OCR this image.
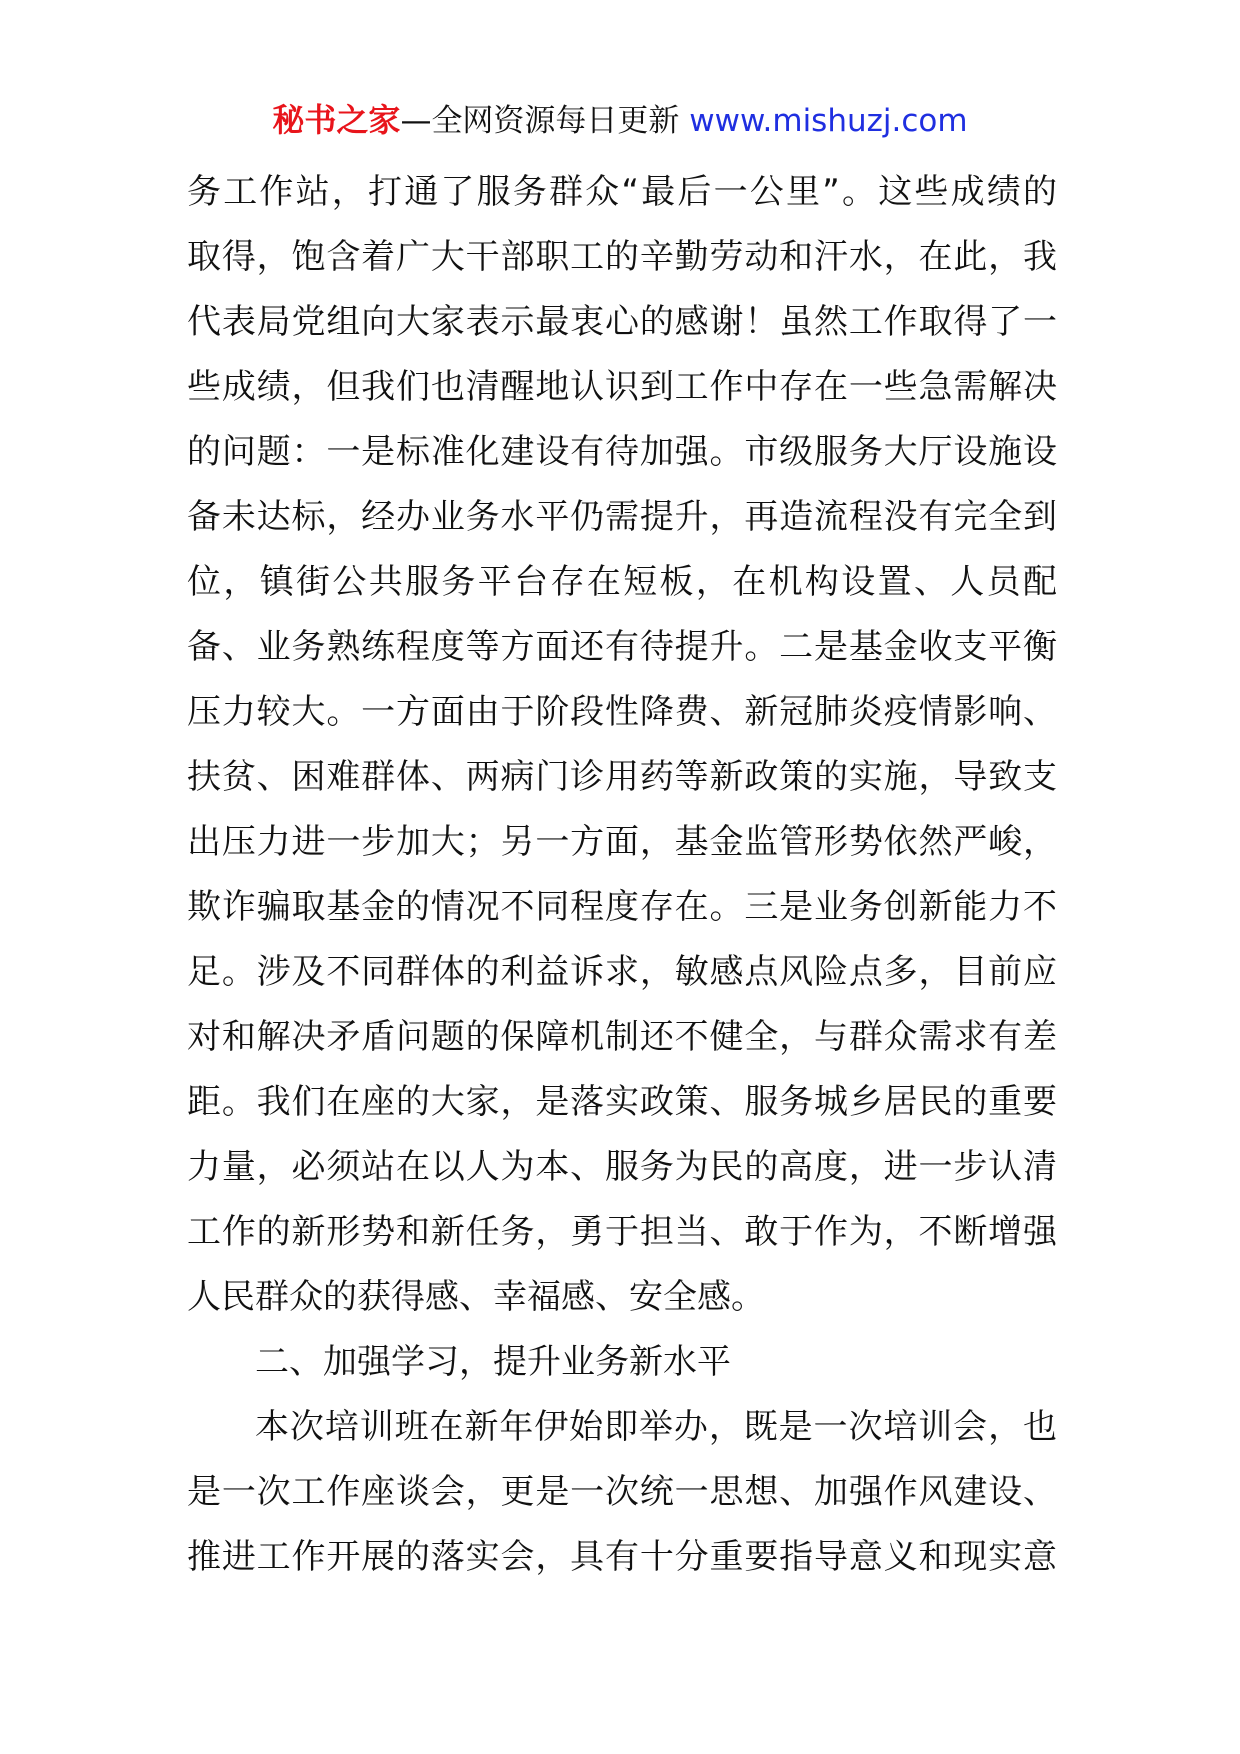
秘书之家—全网资源每日更新 www.mishuzj.com
务工作站，打通了服务群众“最后一公里”。这些成绩的
取得，饱含着广大干部职工的辛勤劳动和汗水，在此，我
代表局党组向大家表示最衷心的感谢！虽然工作取得了一
些成绩，但我们也清醒地认识到工作中存在一些急需解决
的问题：一是标准化建设有待加强。市级服务大厅设施设
备未达标，经办业务水平仍需提升，再造流程没有完全到
位，镇街公共服务平台存在短板，在机构设置、人员配
备、业务熟练程度等方面还有待提升。二是基金收支平衡
压力较大。一方面由于阶段性降费、新冠肺炎疫情影响、
扶贫、困难群体、两病门诊用药等新政策的实施，导致支
出压力进一步加大；另一方面，基金监管形势依然严峻，
欺诈骗取基金的情况不同程度存在。三是业务创新能力不
足。涉及不同群体的利益诉求，敏感点风险点多，目前应
对和解决矛盾问题的保障机制还不健全，与群众需求有差
距。我们在座的大家，是落实政策、服务城乡居民的重要
力量，必须站在以人为本、服务为民的高度，进一步认清
工作的新形势和新任务，勇于担当、敢于作为，不断增强
人民群众的获得感、幸福感、安全感。
二、加强学习，提升业务新水平
本次培训班在新年伊始即举办，既是一次培训会，也
是一次工作座谈会，更是一次统一思想、加强作风建设、
推进工作开展的落实会，具有十分重要指导意义和现实意
